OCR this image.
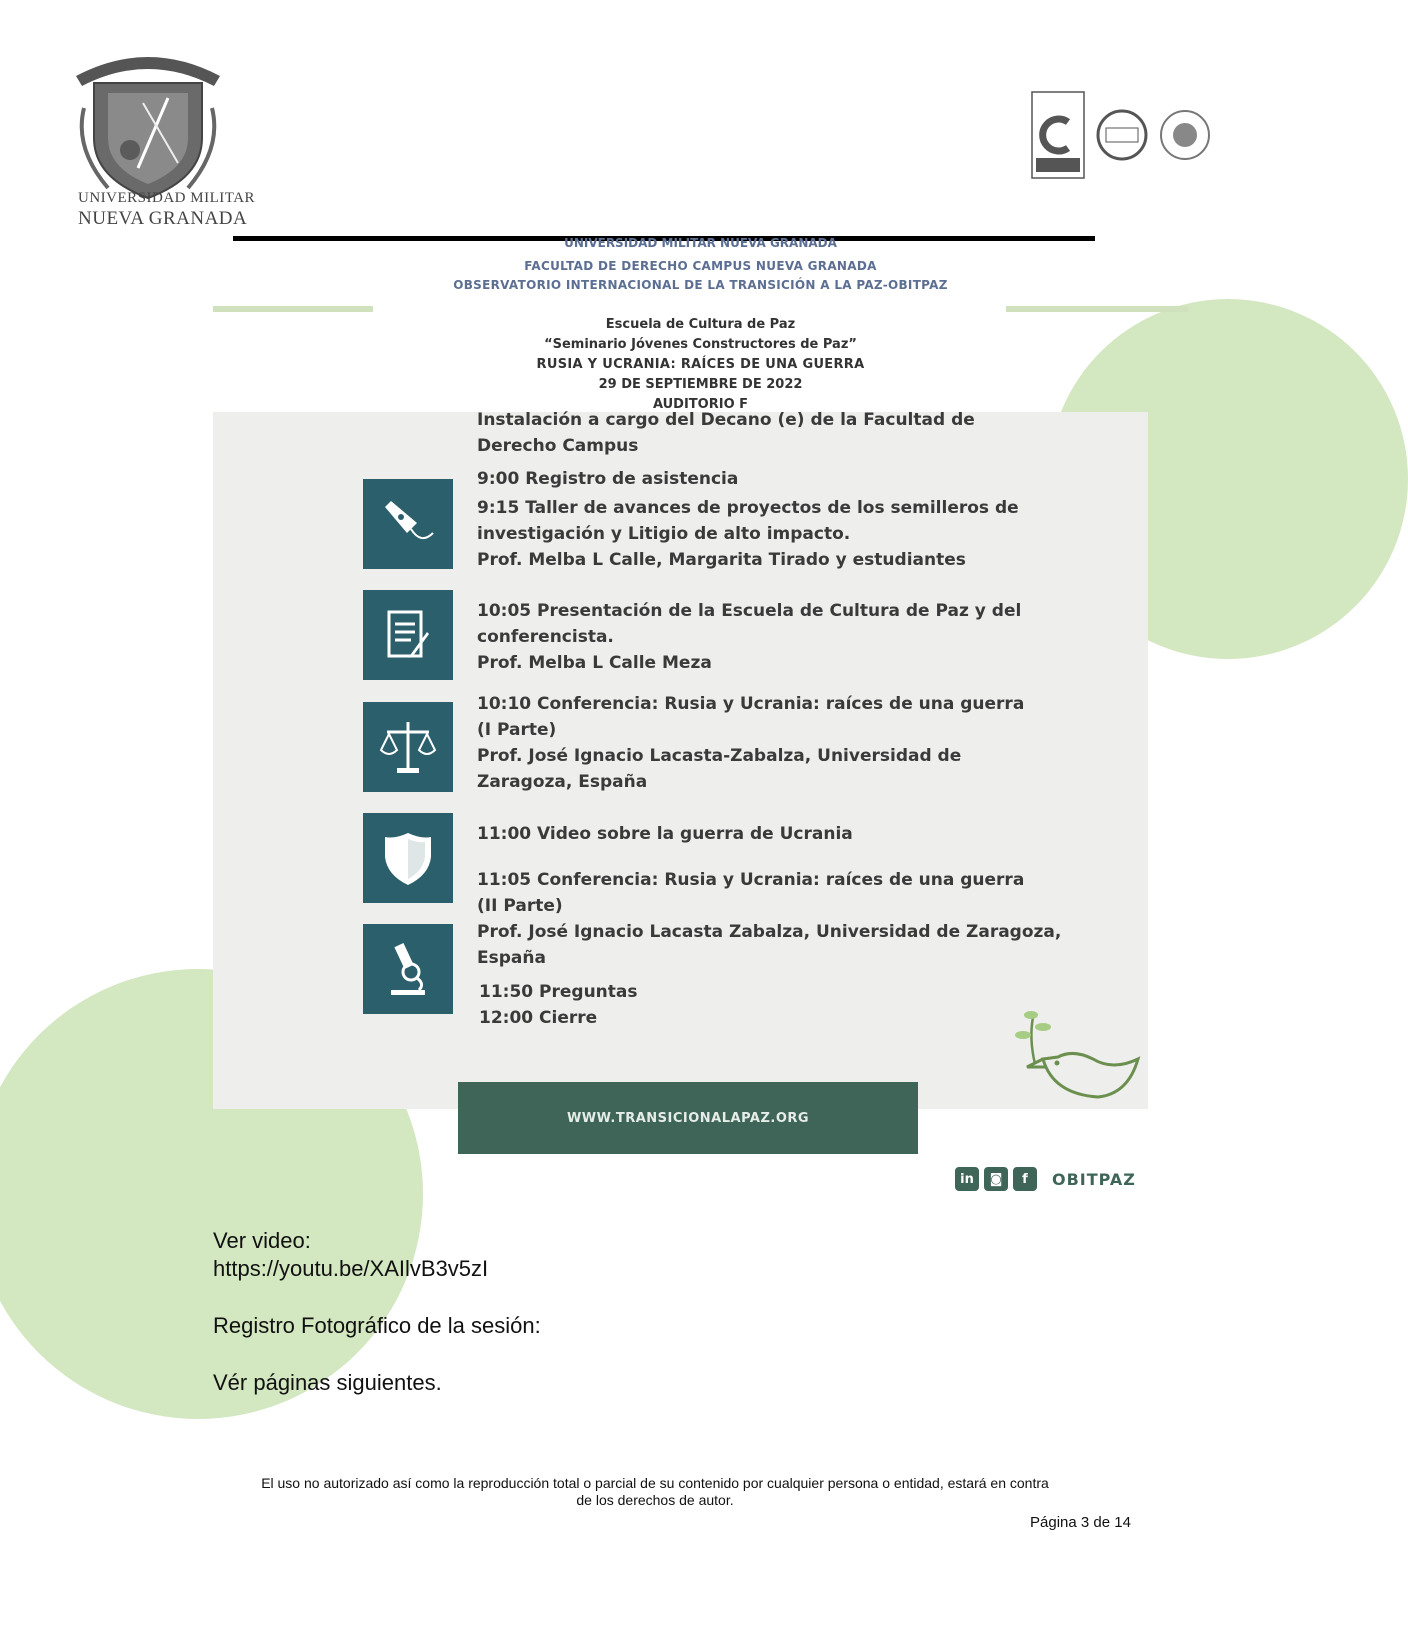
UNIVERSIDAD MILITAR
NUEVA GRANADA
UNIVERSIDAD MILITAR NUEVA GRANADA
FACULTAD DE DERECHO CAMPUS NUEVA GRANADA
OBSERVATORIO INTERNACIONAL DE LA TRANSICIÓN A LA PAZ-OBITPAZ
Escuela de Cultura de Paz
“Seminario Jóvenes Constructores de Paz”
RUSIA Y UCRANIA: RAÍCES DE UNA GUERRA
29 DE SEPTIEMBRE DE 2022
AUDITORIO F
Instalación a cargo del Decano (e) de la Facultad de
Derecho Campus
9:00 Registro de asistencia
9:15 Taller de avances de proyectos de los semilleros de
investigación y Litigio de alto impacto.
Prof. Melba L Calle, Margarita Tirado y estudiantes
10:05 Presentación de la Escuela de Cultura de Paz y del
conferencista.
Prof. Melba L Calle Meza
10:10 Conferencia: Rusia y Ucrania: raíces de una guerra
(I Parte)
Prof. José Ignacio Lacasta-Zabalza, Universidad de
Zaragoza, España
11:00 Video sobre la guerra de Ucrania
11:05 Conferencia: Rusia y Ucrania: raíces de una guerra
(II Parte)
Prof. José Ignacio Lacasta Zabalza, Universidad de Zaragoza,
España
11:50 Preguntas
12:00 Cierre
WWW.TRANSICIONALAPAZ.ORG
in	◙	f	OBITPAZ
Ver video:
https://youtu.be/XAIlvB3v5zI
Registro Fotográfico de la sesión:
Vér páginas siguientes.
El uso no autorizado así como la reproducción total o parcial de su contenido por cualquier persona o entidad, estará en contra
de los derechos de autor.
Página 3 de 14
